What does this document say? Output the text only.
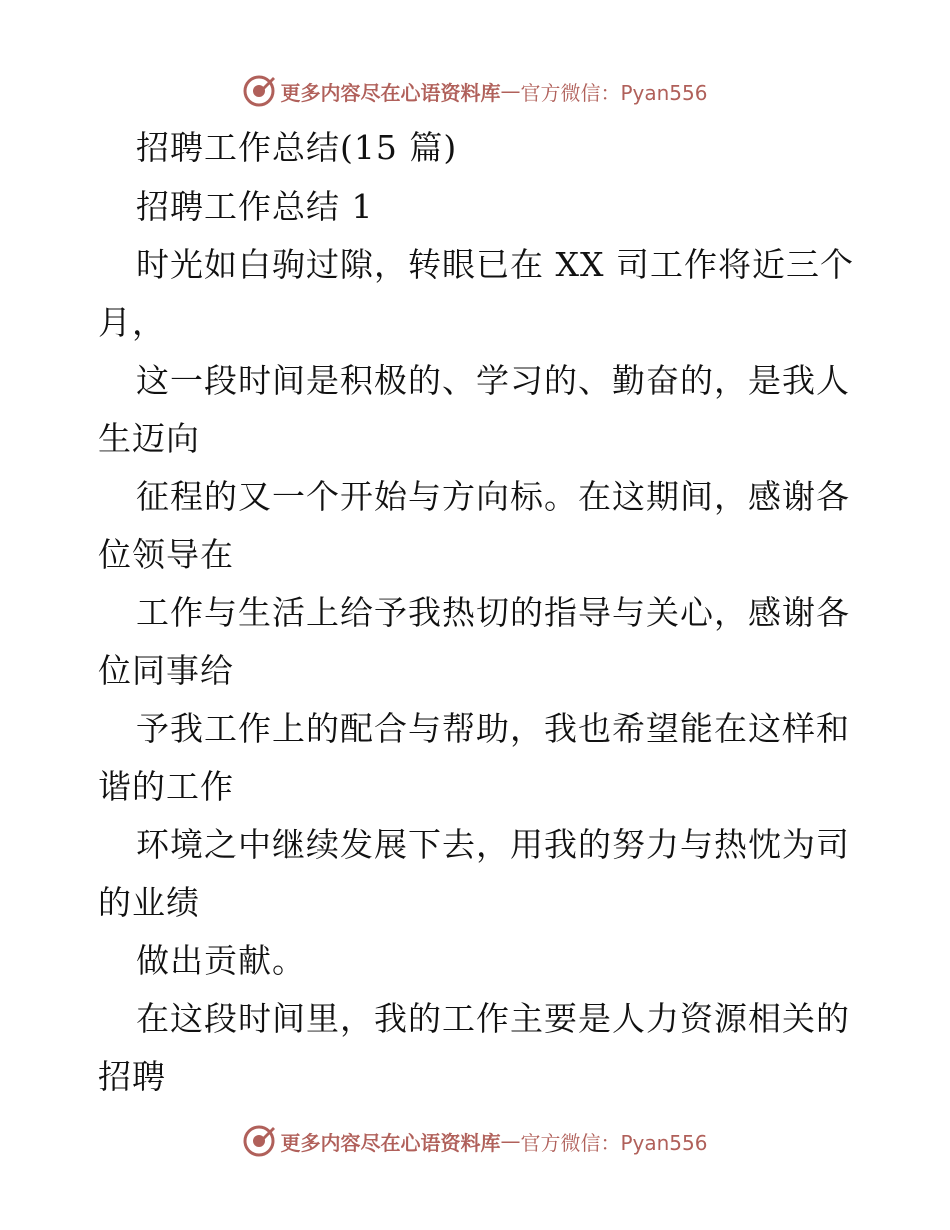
更多内容尽在心语资料库 — 官方微信：Pyan556
招聘工作总结(15 篇)
招聘工作总结 1
时光如白驹过隙，转眼已在 XX 司工作将近三个
月，
这一段时间是积极的、学习的、勤奋的，是我人
生迈向
征程的又一个开始与方向标。在这期间，感谢各
位领导在
工作与生活上给予我热切的指导与关心，感谢各
位同事给
予我工作上的配合与帮助，我也希望能在这样和
谐的工作
环境之中继续发展下去，用我的努力与热忱为司
的业绩
做出贡献。
在这段时间里，我的工作主要是人力资源相关的
招聘
更多内容尽在心语资料库 — 官方微信：Pyan556
